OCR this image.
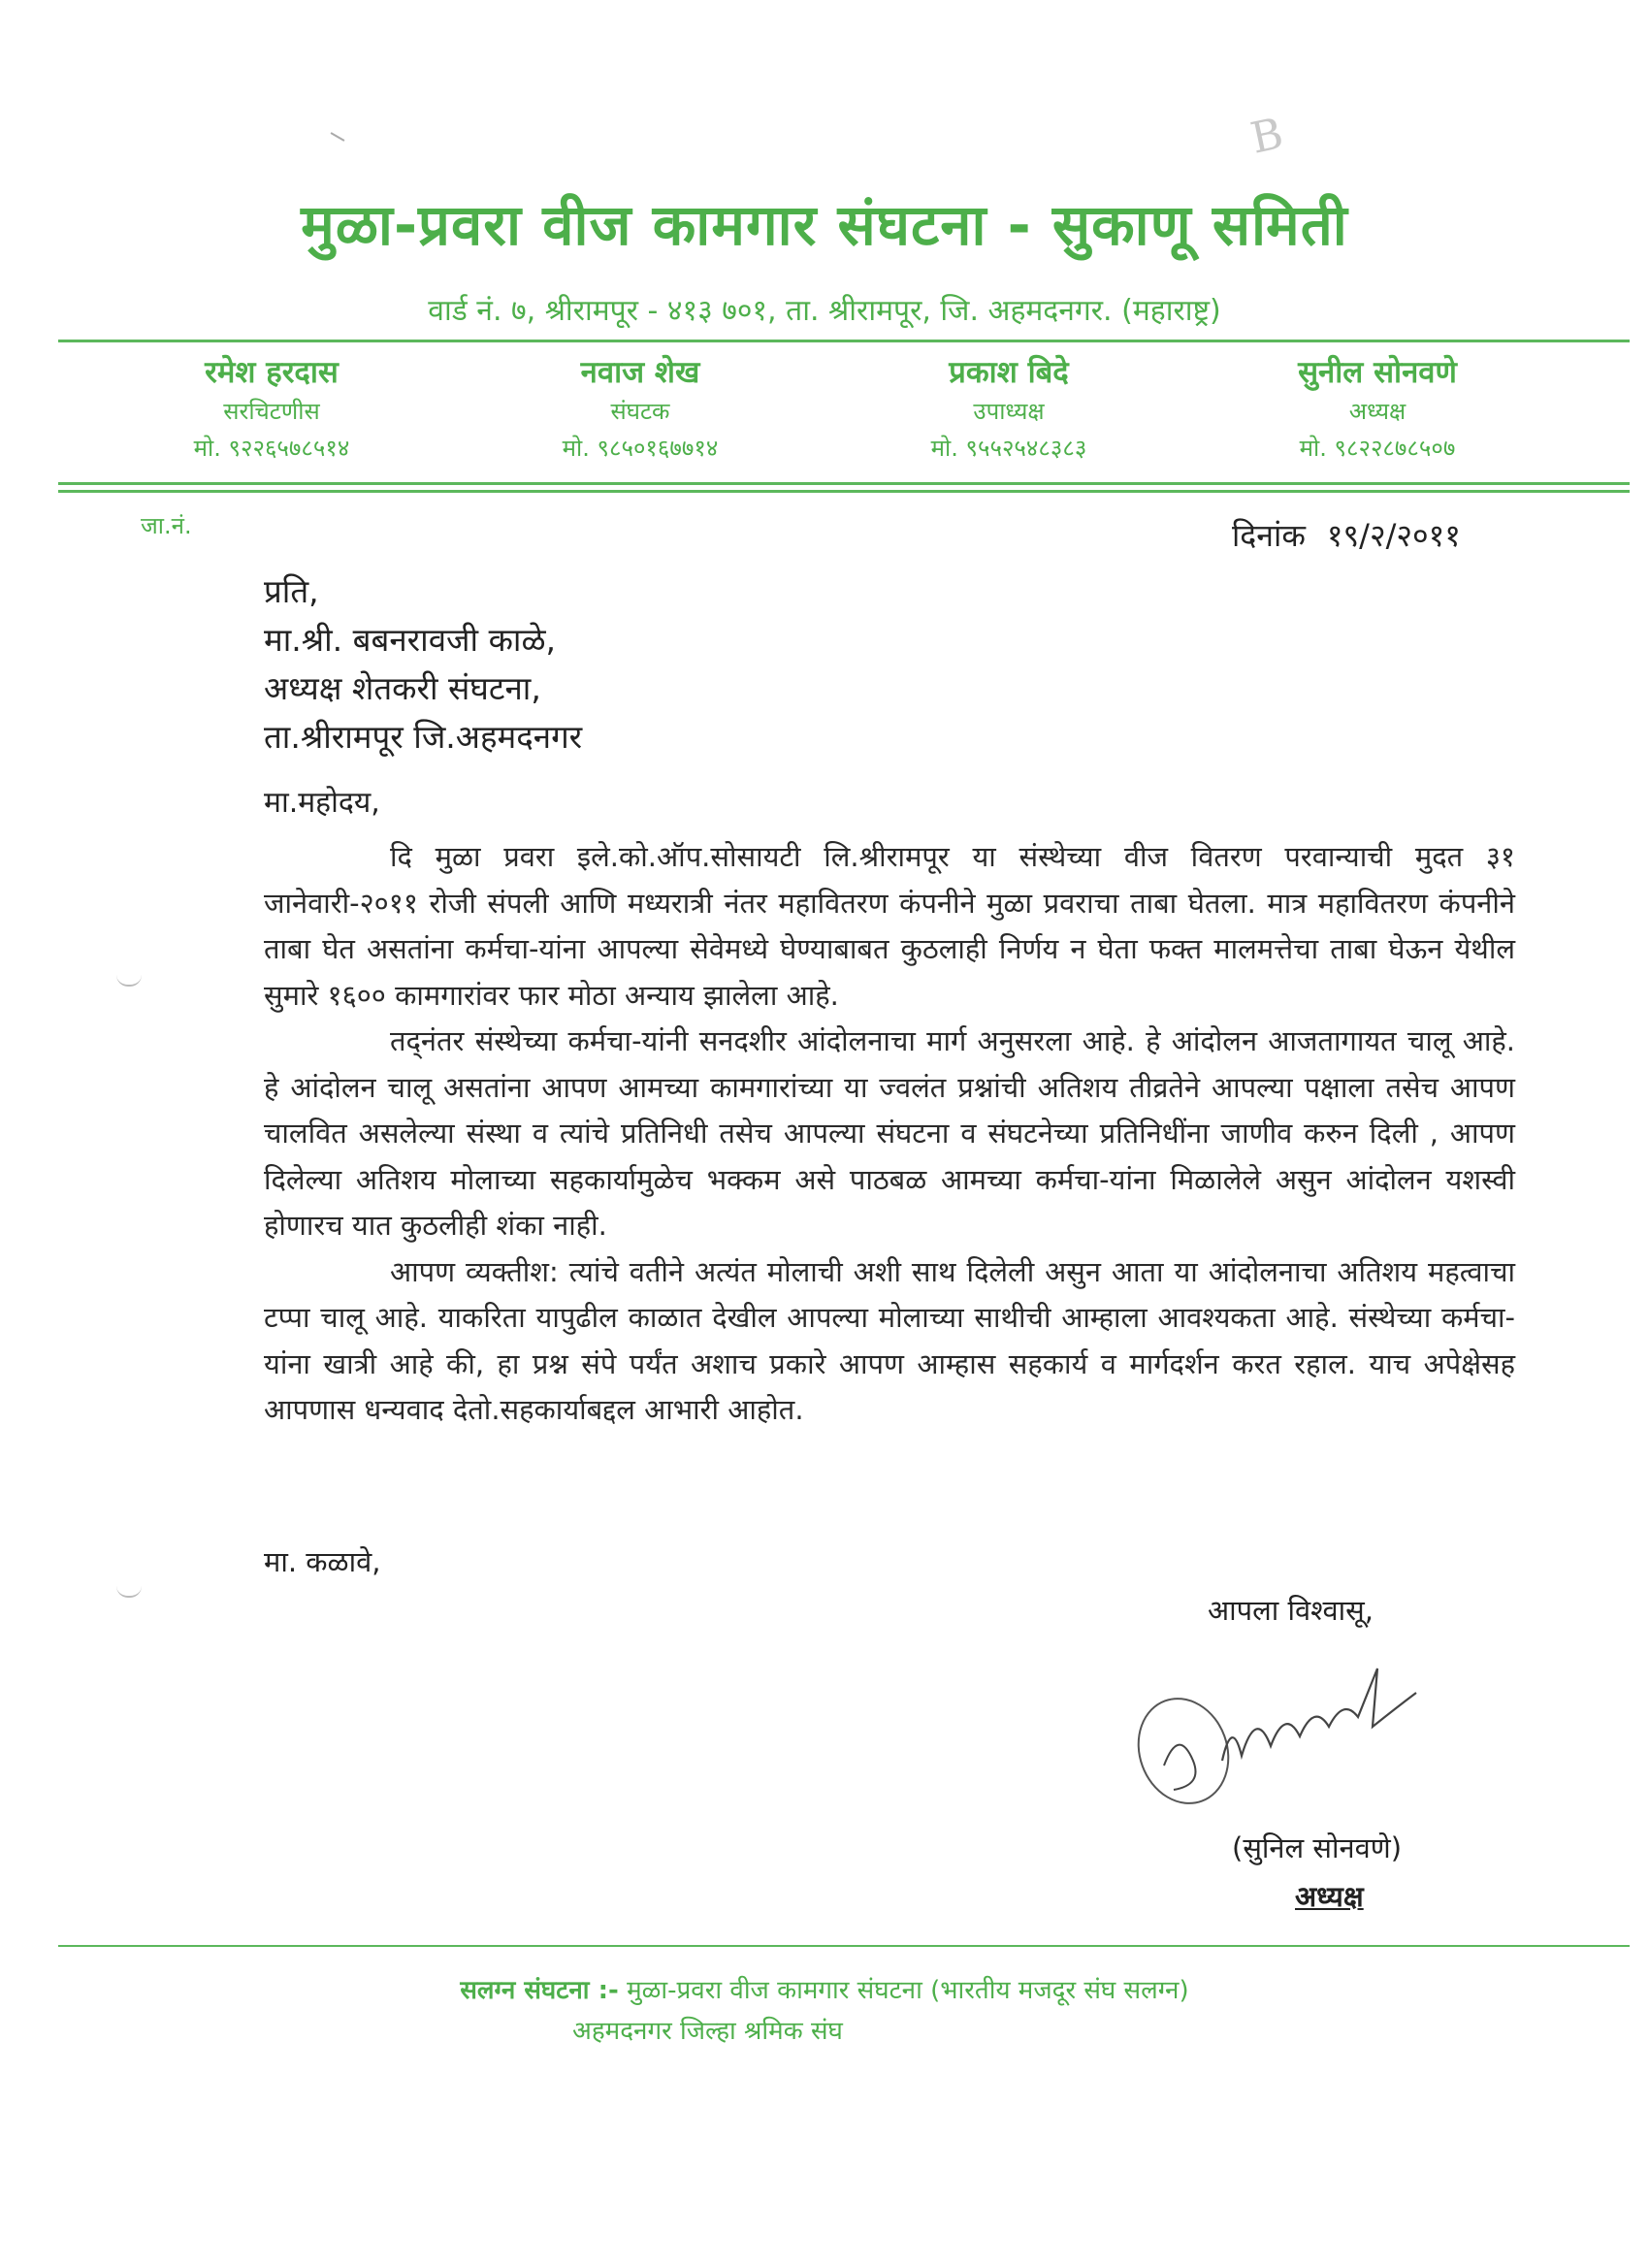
B
मुळा-प्रवरा वीज कामगार संघटना - सुकाणू समिती
वार्ड नं. ७, श्रीरामपूर - ४१३ ७०१, ता. श्रीरामपूर, जि. अहमदनगर. (महाराष्ट्र)
रमेश हरदास
सरचिटणीस
मो. ९२२६५७८५१४
नवाज शेख
संघटक
मो. ९८५०१६७७१४
प्रकाश बिदे
उपाध्यक्ष
मो. ९५५२५४८३८३
सुनील सोनवणे
अध्यक्ष
मो. ९८२२८७८५०७
जा.नं.	दिनांक १९/२/२०११
प्रति,
मा.श्री. बबनरावजी काळे,
अध्यक्ष शेतकरी संघटना,
ता.श्रीरामपूर जि.अहमदनगर
मा.महोदय,

दि मुळा प्रवरा इले.को.ऑप.सोसायटी लि.श्रीरामपूर या संस्थेच्या वीज वितरण परवान्याची मुदत ३१ जानेवारी-२०११ रोजी संपली आणि मध्यरात्री नंतर महावितरण कंपनीने मुळा प्रवराचा ताबा घेतला. मात्र महावितरण कंपनीने ताबा घेत असतांना कर्मचा-यांना आपल्या सेवेमध्ये घेण्याबाबत कुठलाही निर्णय न घेता फक्त मालमत्तेचा ताबा घेऊन येथील सुमारे १६०० कामगारांवर फार मोठा अन्याय झालेला आहे.

तद्नंतर संस्थेच्या कर्मचा-यांनी सनदशीर आंदोलनाचा मार्ग अनुसरला आहे. हे आंदोलन आजतागायत चालू आहे. हे आंदोलन चालू असतांना आपण आमच्या कामगारांच्या या ज्वलंत प्रश्नांची अतिशय तीव्रतेने आपल्या पक्षाला तसेच आपण चालवित असलेल्या संस्था व त्यांचे प्रतिनिधी तसेच आपल्या संघटना व संघटनेच्या प्रतिनिधींना जाणीव करुन दिली , आपण दिलेल्या अतिशय मोलाच्या सहकार्यामुळेच भक्कम असे पाठबळ आमच्या कर्मचा-यांना मिळालेले असुन आंदोलन यशस्वी होणारच यात कुठलीही शंका नाही.

आपण व्यक्तीश: त्यांचे वतीने अत्यंत मोलाची अशी साथ दिलेली असुन आता या आंदोलनाचा अतिशय महत्वाचा टप्पा चालू आहे. याकरिता यापुढील काळात देखील आपल्या मोलाच्या साथीची आम्हाला आवश्यकता आहे. संस्थेच्या कर्मचा-यांना खात्री आहे की, हा प्रश्न संपे पर्यंत अशाच प्रकारे आपण आम्हास सहकार्य व मार्गदर्शन करत रहाल. याच अपेक्षेसह आपणास धन्यवाद देतो.सहकार्याबद्दल आभारी आहोत.

मा. कळावे,
आपला विश्वासू,
(सुनिल सोनवणे)
अध्यक्ष
सलग्न संघटना :- मुळा-प्रवरा वीज कामगार संघटना (भारतीय मजदूर संघ सलग्न)
अहमदनगर जिल्हा श्रमिक संघ
